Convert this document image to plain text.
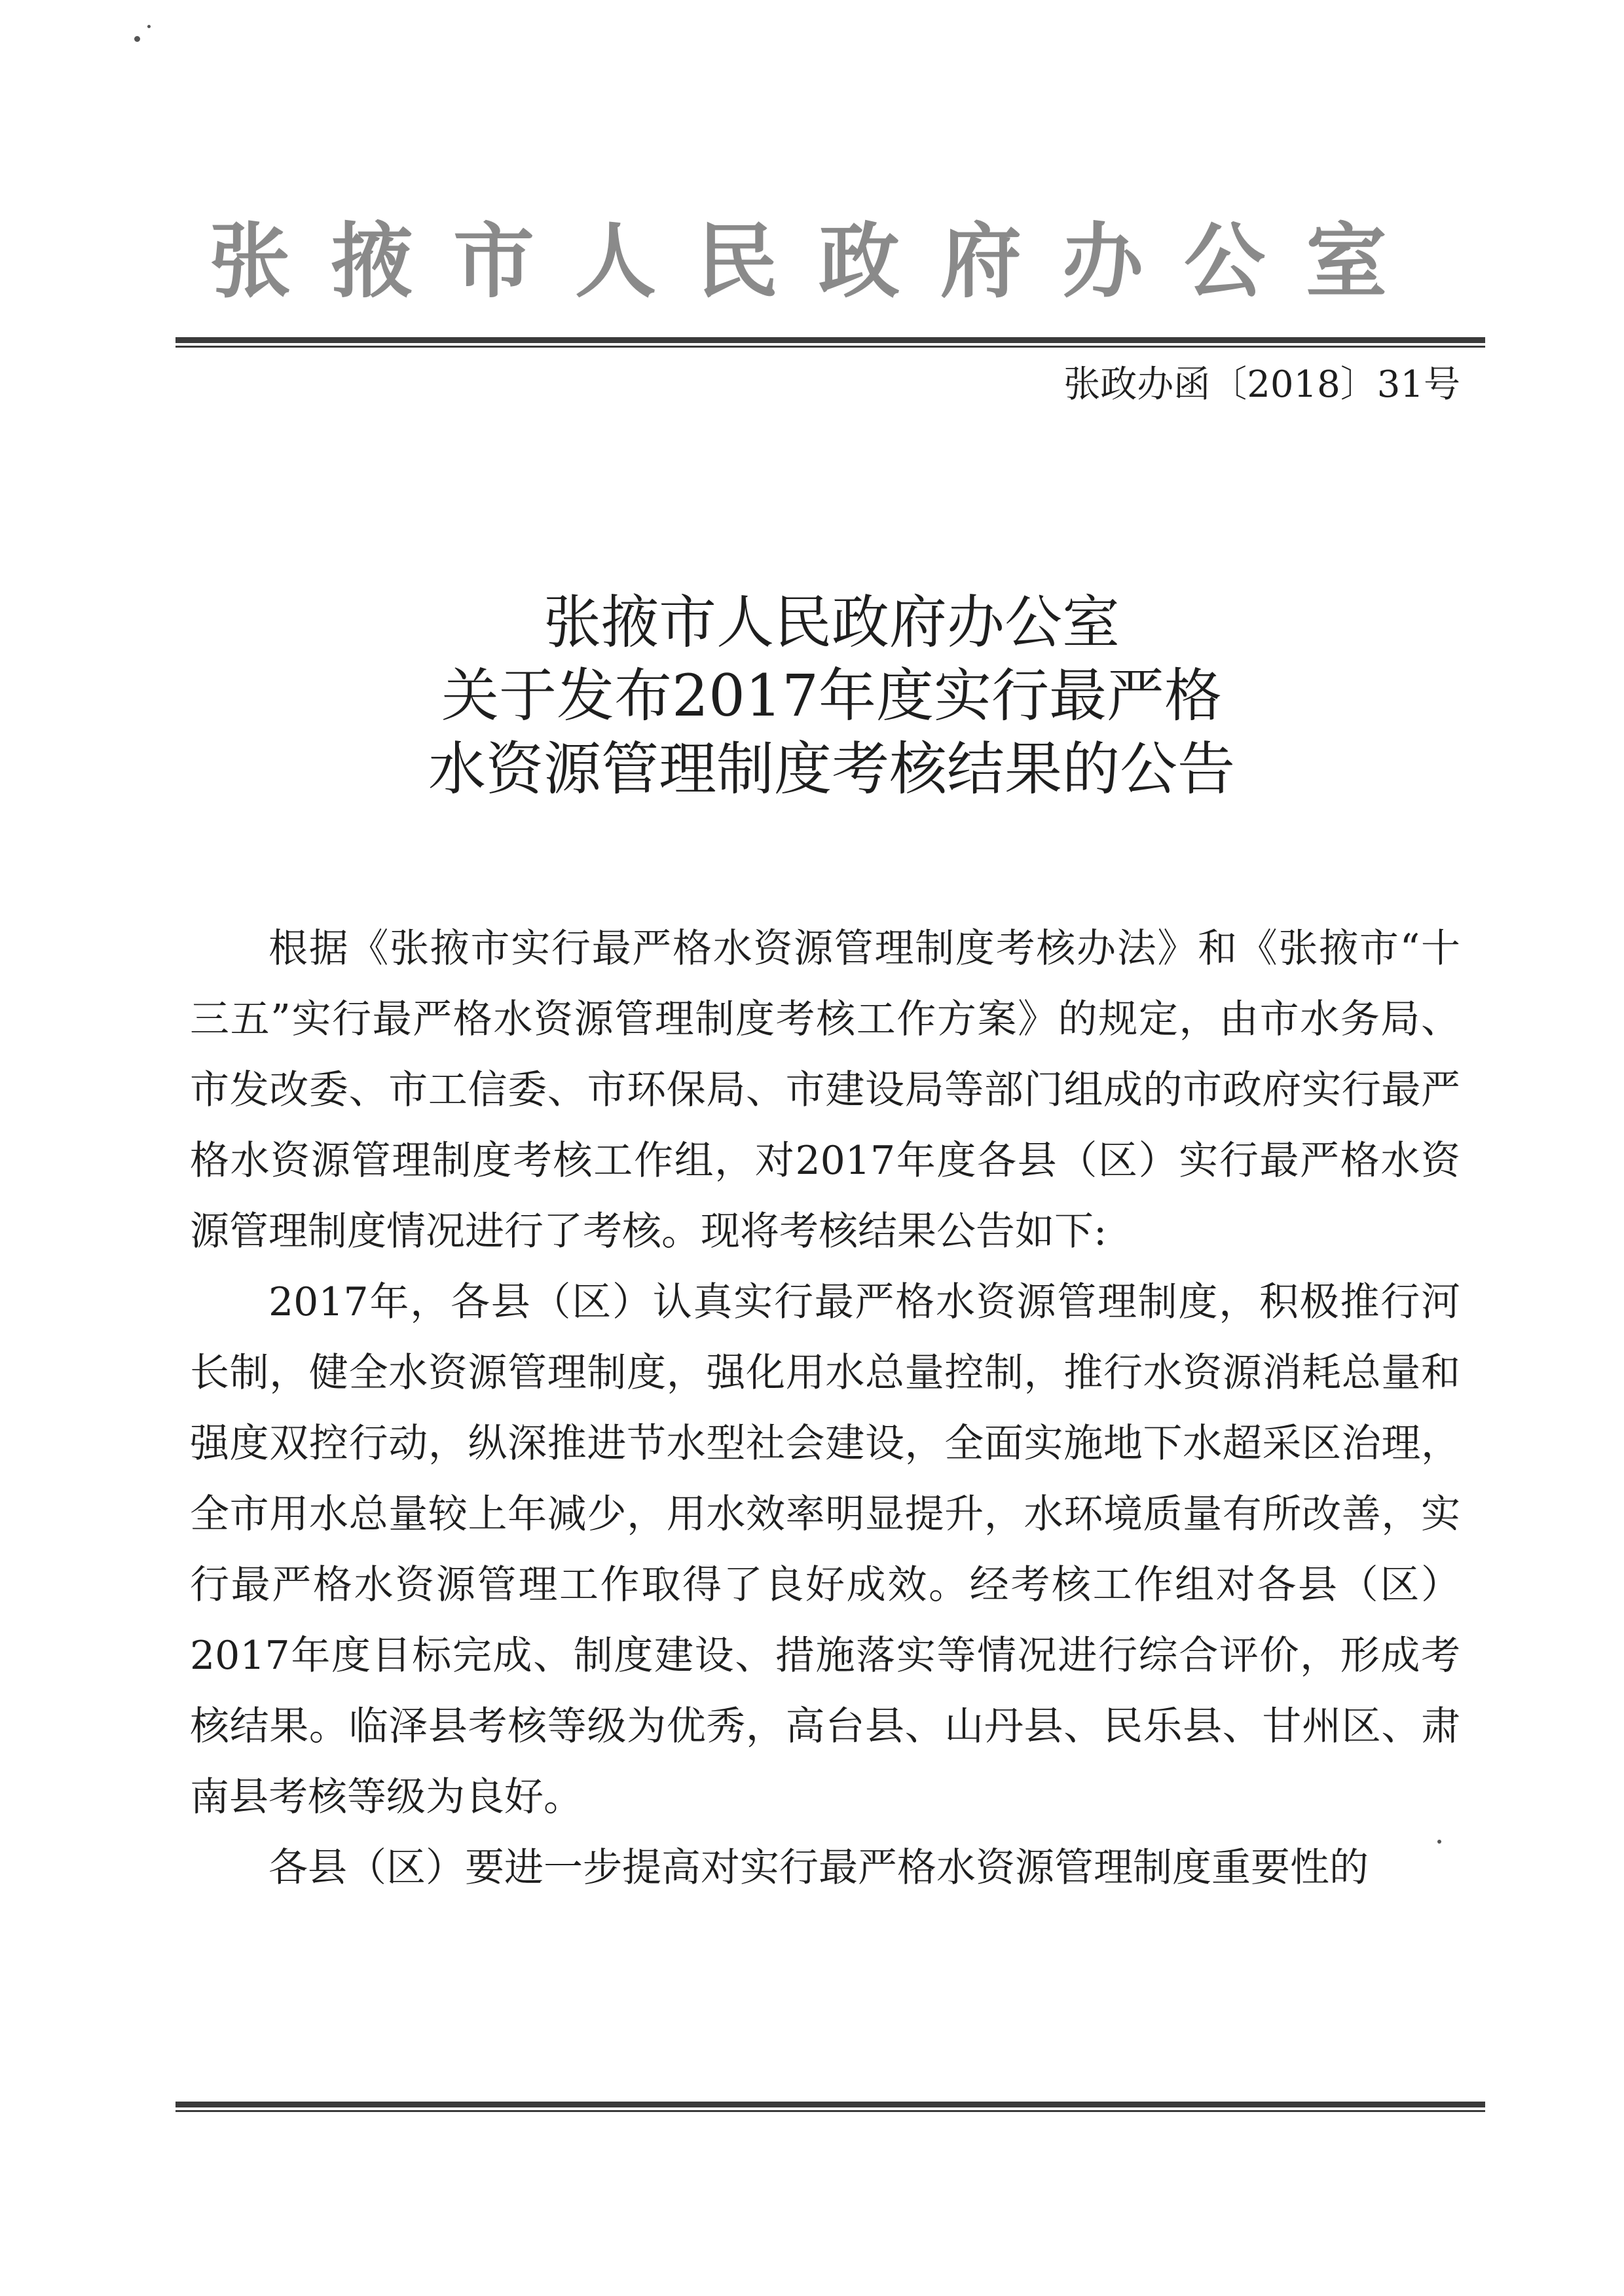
张掖市人民政府办公室
张政办函〔2018〕31号
张掖市人民政府办公室
关于发布2017年度实行最严格
水资源管理制度考核结果的公告

根据《张掖市实行最严格水资源管理制度考核办法》和《张掖市“十三五”实行最严格水资源管理制度考核工作方案》的规定，由市水务局、市发改委、市工信委、市环保局、市建设局等部门组成的市政府实行最严格水资源管理制度考核工作组，对2017年度各县（区）实行最严格水资源管理制度情况进行了考核。现将考核结果公告如下:

2017年，各县（区）认真实行最严格水资源管理制度，积极推行河长制，健全水资源管理制度，强化用水总量控制，推行水资源消耗总量和强度双控行动，纵深推进节水型社会建设，全面实施地下水超采区治理，全市用水总量较上年减少，用水效率明显提升，水环境质量有所改善，实行最严格水资源管理工作取得了良好成效。经考核工作组对各县（区）2017年度目标完成、制度建设、措施落实等情况进行综合评价，形成考核结果。临泽县考核等级为优秀，高台县、山丹县、民乐县、甘州区、肃南县考核等级为良好。

各县（区）要进一步提高对实行最严格水资源管理制度重要性的
